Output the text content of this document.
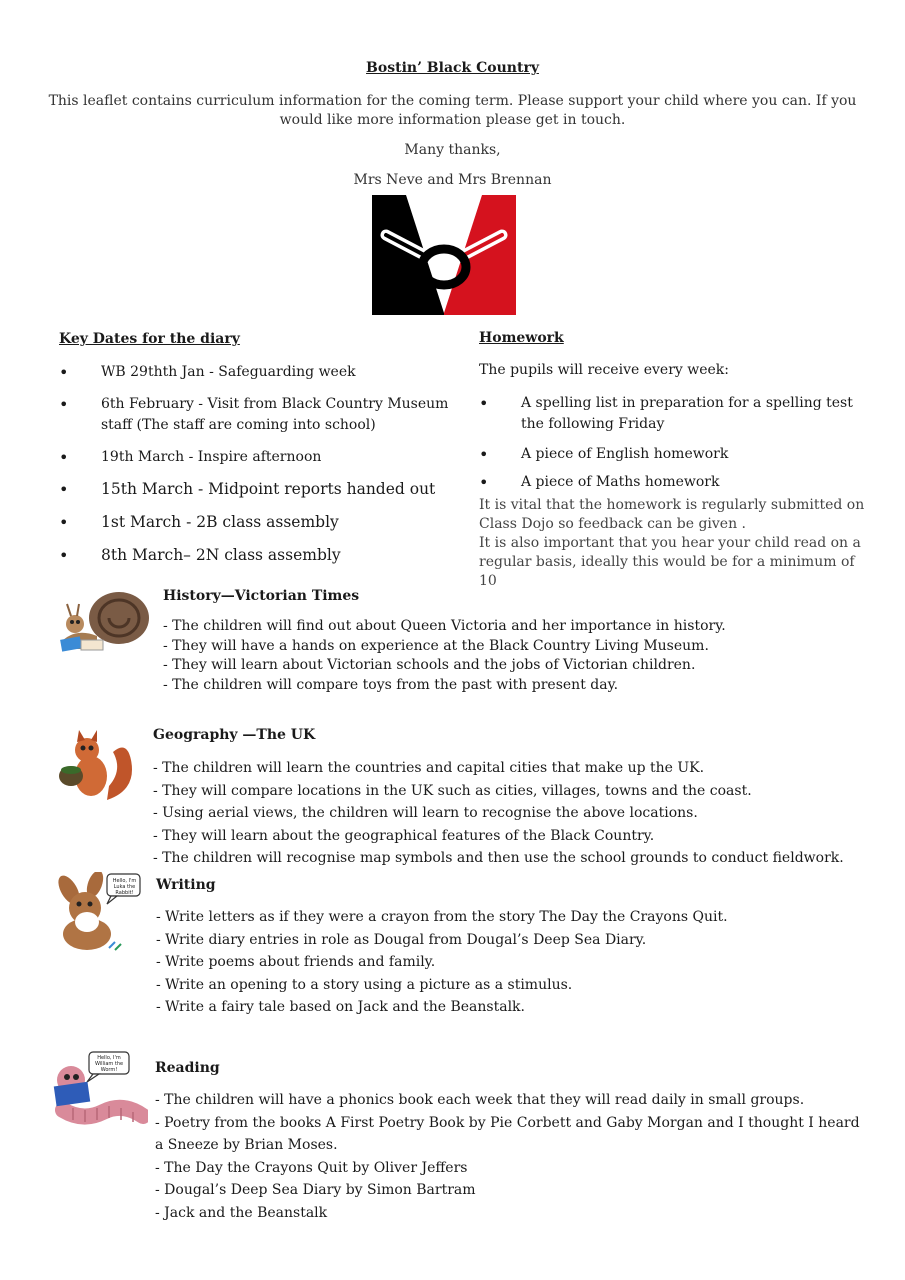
Bostin’ Black Country
This leaflet contains curriculum information for the coming term. Please support your child where you can. If you would like more information please get in touch.
Many thanks,
Mrs Neve and Mrs Brennan
Key Dates for the diary
• WB 29thth Jan - Safeguarding week
• 6th February - Visit from Black Country Museum staff (The staff are coming into school)
• 19th March - Inspire afternoon
• 15th March - Midpoint reports handed out
• 1st March - 2B class assembly
• 8th March– 2N class assembly
Homework
The pupils will receive every week:
• A spelling list in preparation for a spelling test the following Friday
• A piece of English homework
• A piece of Maths homework
It is vital that the homework is regularly submitted on Class Dojo so feedback can be given .
It is also important that you hear your child read on a regular basis, ideally this would be for a minimum of 10
History—Victorian Times
- The children will find out about Queen Victoria and her importance in history.
- They will have a hands on experience at the Black Country Living Museum.
- They will learn about Victorian schools and the jobs of Victorian children.
- The children will compare toys from the past with present day.
Geography —The UK
- The children will learn the countries and capital cities that make up the UK.
- They will compare locations in the UK such as cities, villages, towns and the coast.
- Using aerial views, the children will learn to recognise the above locations.
- They will learn about the geographical features of the Black Country.
- The children will recognise map symbols and then use the school grounds to conduct fieldwork.
Hello, I'm Luka the Rabbit!	Writing
- Write letters as if they were a crayon from the story The Day the Crayons Quit.
- Write diary entries in role as Dougal from Dougal’s Deep Sea Diary.
- Write poems about friends and family.
- Write an opening to a story using a picture as a stimulus.
- Write a fairy tale based on Jack and the Beanstalk.
Hello, I'm William the Worm!	Reading
- The children will have a phonics book each week that they will read daily in small groups.
- Poetry from the books A First Poetry Book by Pie Corbett and Gaby Morgan and I thought I heard
a Sneeze by Brian Moses.
- The Day the Crayons Quit by Oliver Jeffers
- Dougal’s Deep Sea Diary by Simon Bartram
- Jack and the Beanstalk
